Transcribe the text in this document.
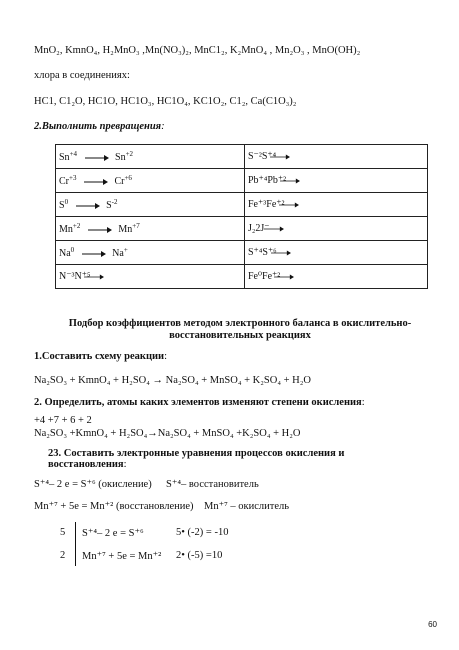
MnO₂, KmnO₄, H₂MnO₃ ,Mn(NO₃)₂, MnC1₂, K₂MnO₄ , Mn₂O₃ , MnO(OH)₂
хлора в соединениях:
HC1, C1₂O, HC1O, HC1O₃, HC1O₄, KC1O₂, C1₂, Ca(C1O₃)₂
2.Выполнить превращения:
$Sn^{+4}$ $Sn^{+2}$	S⁻²S⁺⁴
$Cr^{+3}$ $Cr^{+6}$	Pb⁺⁴Pb⁺²
$S^0$ $S^{-2}$	Fe⁺³Fe⁺²
$Mn^{+2}$ $Mn^{+7}$	J₂2J⁻
Na$^0$ Na+	S⁺⁴S⁺⁶
N⁻³N⁺⁵	Fe⁰Fe⁺²
Подбор коэффициентов методом электронного баланса в окислительно-восстановительных реакциях
1.Составить схему реакции:
Na₂SO₃ + KmnO₄ + H₂SO₄ → Na₂SO₄ + MnSO₄ + K₂SO₄ + H₂O
2. Определить, атомы каких элементов изменяют степени окисления:
+4 +7 + 6 + 2
Na₂SO₃ +KmnO₄ + H₂SO₄→Na₂SO₄ + MnSO₄ +K₂SO₄ + H₂O
23. Составить электронные уравнения процессов окисления и восстановления:
S⁺⁴– 2 e = S⁺⁶ (окисление) S⁺⁴– восстановитель
Mn⁺⁷ + 5e = Mn⁺² (восстановление) Mn⁺⁷ – окислитель
5 S⁺⁴– 2 e = S⁺⁶	5• (-2) = -10
2 Mn⁺⁷ + 5e = Mn⁺² 2• (-5) =10
60
